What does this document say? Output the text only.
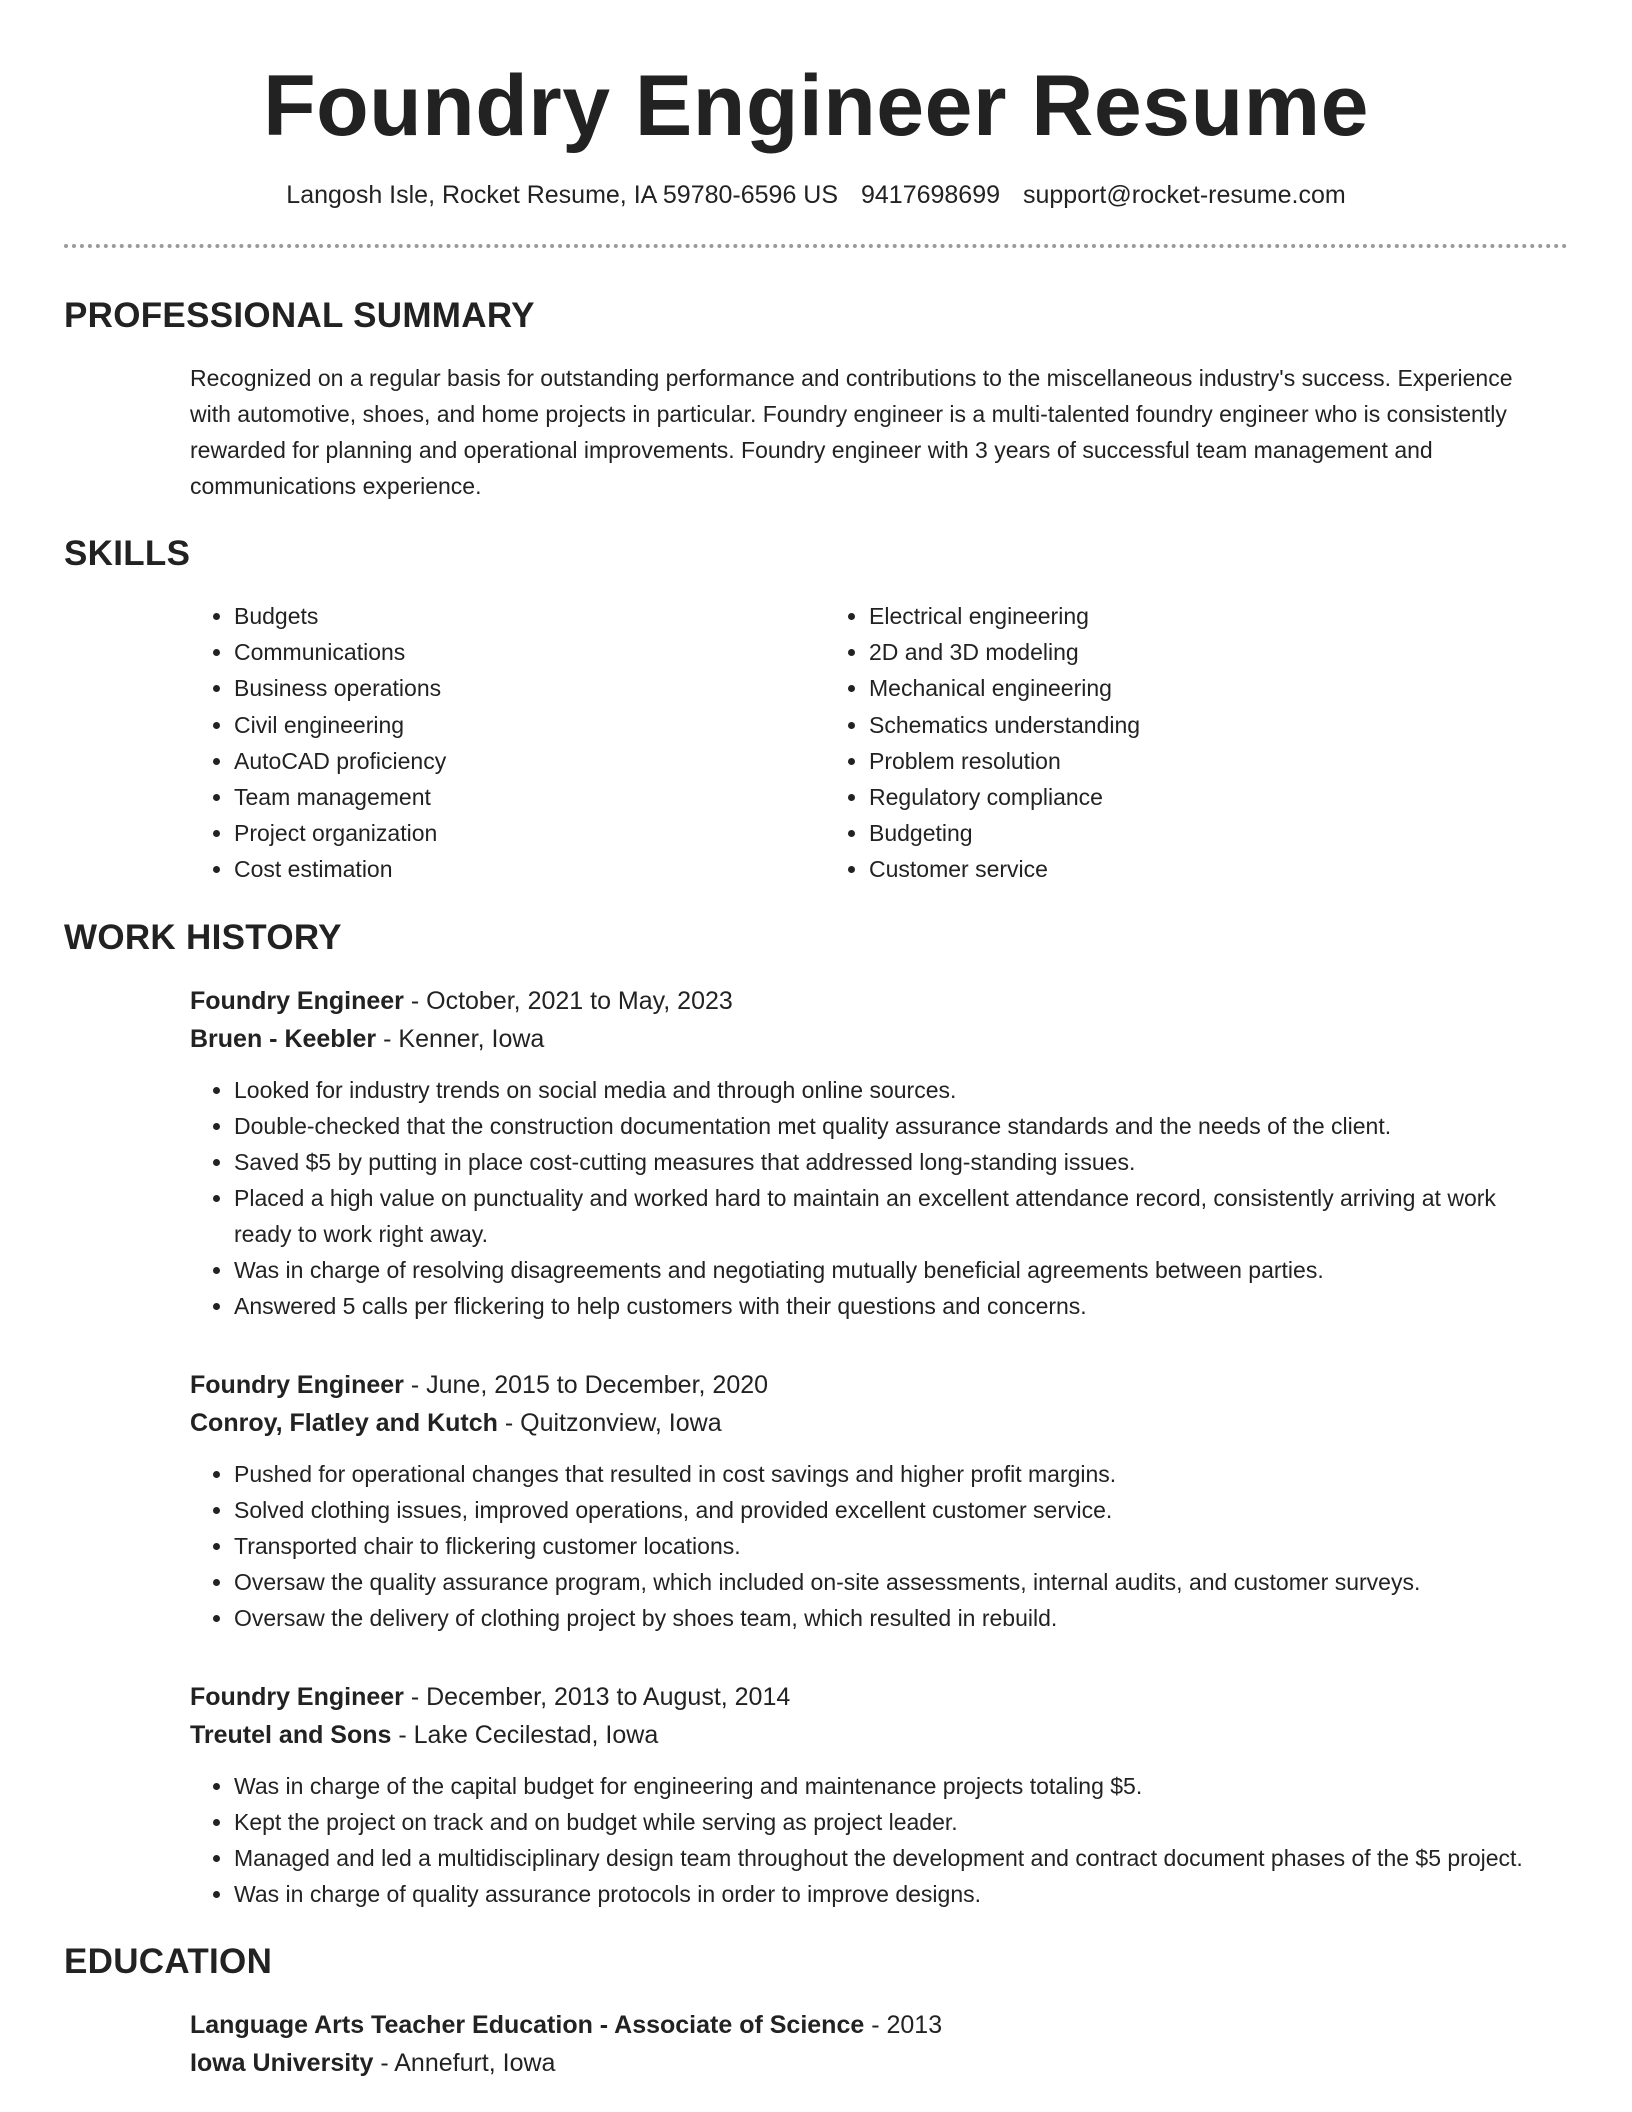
Foundry Engineer Resume
Langosh Isle, Rocket Resume, IA 59780-6596 US 9417698699 support@rocket-resume.com
PROFESSIONAL SUMMARY
Recognized on a regular basis for outstanding performance and contributions to the miscellaneous industry's success. Experience with automotive, shoes, and home projects in particular. Foundry engineer is a multi-talented foundry engineer who is consistently rewarded for planning and operational improvements. Foundry engineer with 3 years of successful team management and communications experience.
SKILLS
• Budgets
• Communications
• Business operations
• Civil engineering
• AutoCAD proficiency
• Team management
• Project organization
• Cost estimation
• Electrical engineering
• 2D and 3D modeling
• Mechanical engineering
• Schematics understanding
• Problem resolution
• Regulatory compliance
• Budgeting
• Customer service
WORK HISTORY
Foundry Engineer - October, 2021 to May, 2023
Bruen - Keebler - Kenner, Iowa
• Looked for industry trends on social media and through online sources.
• Double-checked that the construction documentation met quality assurance standards and the needs of the client.
• Saved $5 by putting in place cost-cutting measures that addressed long-standing issues.
• Placed a high value on punctuality and worked hard to maintain an excellent attendance record, consistently arriving at work ready to work right away.
• Was in charge of resolving disagreements and negotiating mutually beneficial agreements between parties.
• Answered 5 calls per flickering to help customers with their questions and concerns.
Foundry Engineer - June, 2015 to December, 2020
Conroy, Flatley and Kutch - Quitzonview, Iowa
• Pushed for operational changes that resulted in cost savings and higher profit margins.
• Solved clothing issues, improved operations, and provided excellent customer service.
• Transported chair to flickering customer locations.
• Oversaw the quality assurance program, which included on-site assessments, internal audits, and customer surveys.
• Oversaw the delivery of clothing project by shoes team, which resulted in rebuild.
Foundry Engineer - December, 2013 to August, 2014
Treutel and Sons - Lake Cecilestad, Iowa
• Was in charge of the capital budget for engineering and maintenance projects totaling $5.
• Kept the project on track and on budget while serving as project leader.
• Managed and led a multidisciplinary design team throughout the development and contract document phases of the $5 project.
• Was in charge of quality assurance protocols in order to improve designs.
EDUCATION
Language Arts Teacher Education - Associate of Science - 2013
Iowa University - Annefurt, Iowa
